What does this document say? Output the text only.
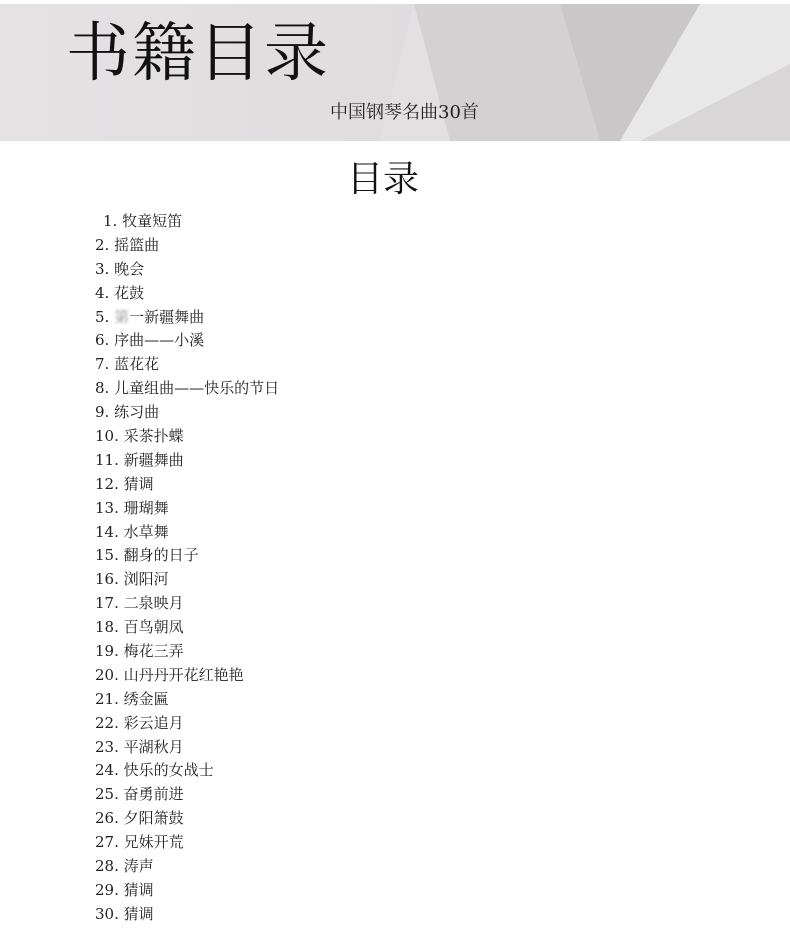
书籍目录
中国钢琴名曲30首
目录
1. 牧童短笛
2. 摇篮曲
3. 晚会
4. 花鼓
5. 第一新疆舞曲
6. 序曲——小溪
7. 蓝花花
8. 儿童组曲——快乐的节日
9. 练习曲
10. 采茶扑蝶
11. 新疆舞曲
12. 猜调
13. 珊瑚舞
14. 水草舞
15. 翻身的日子
16. 浏阳河
17. 二泉映月
18. 百鸟朝凤
19. 梅花三弄
20. 山丹丹开花红艳艳
21. 绣金匾
22. 彩云追月
23. 平湖秋月
24. 快乐的女战士
25. 奋勇前进
26. 夕阳箫鼓
27. 兄妹开荒
28. 涛声
29. 猜调
30. 猜调
